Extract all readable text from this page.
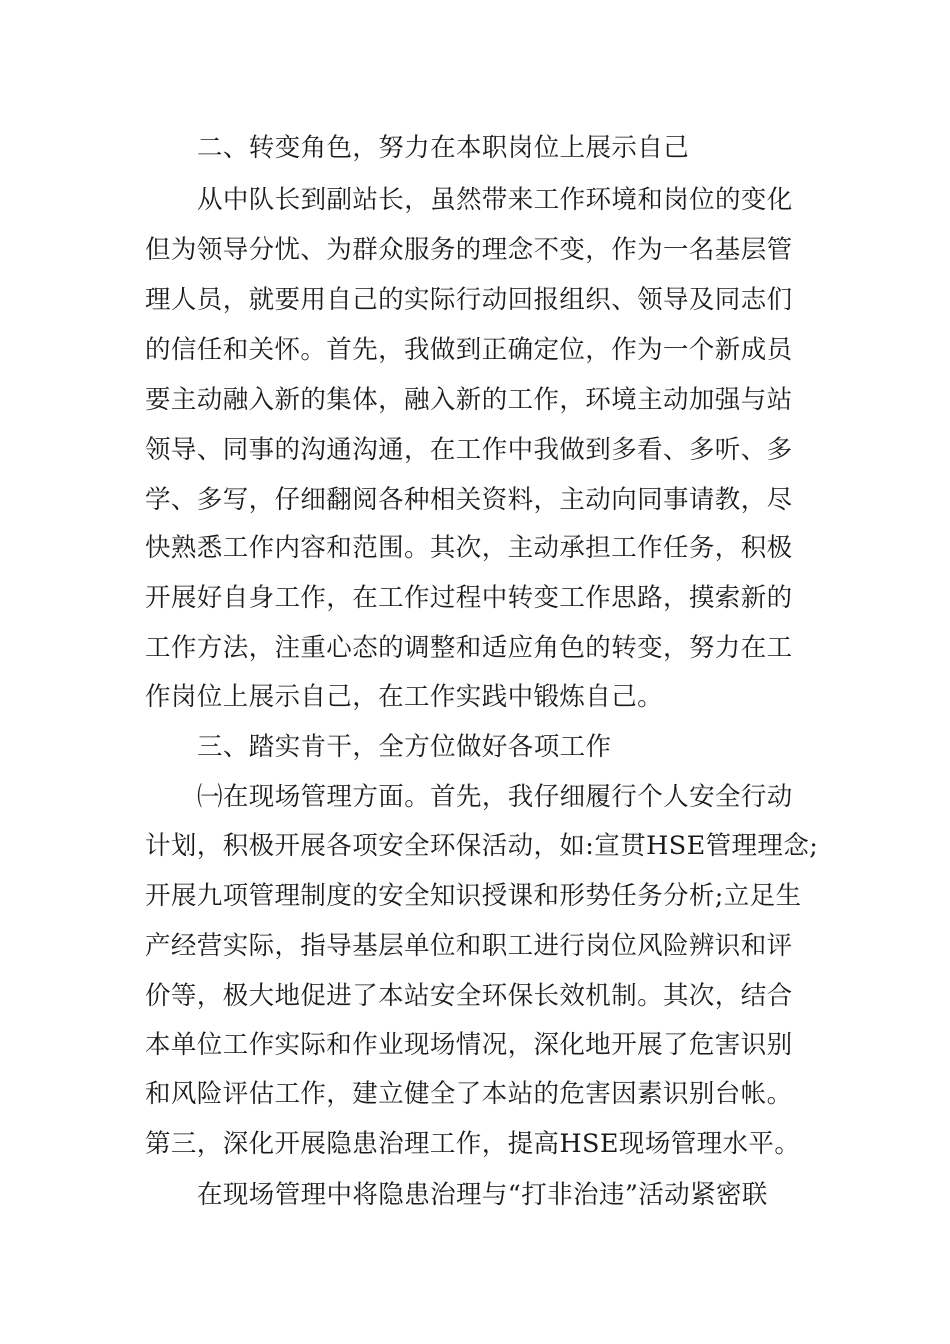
二、转变角色，努力在本职岗位上展示自己
从中队长到副站长，虽然带来工作环境和岗位的变化
但为领导分忧、为群众服务的理念不变，作为一名基层管
理人员，就要用自己的实际行动回报组织、领导及同志们
的信任和关怀。首先，我做到正确定位，作为一个新成员
要主动融入新的集体，融入新的工作，环境主动加强与站
领导、同事的沟通沟通，在工作中我做到多看、多听、多
学、多写，仔细翻阅各种相关资料，主动向同事请教，尽
快熟悉工作内容和范围。其次，主动承担工作任务，积极
开展好自身工作，在工作过程中转变工作思路，摸索新的
工作方法，注重心态的调整和适应角色的转变，努力在工
作岗位上展示自己，在工作实践中锻炼自己。
三、踏实肯干，全方位做好各项工作
㈠在现场管理方面。首先，我仔细履行个人安全行动
计划，积极开展各项安全环保活动，如:宣贯HSE管理理念;
开展九项管理制度的安全知识授课和形势任务分析;立足生
产经营实际，指导基层单位和职工进行岗位风险辨识和评
价等，极大地促进了本站安全环保长效机制。其次，结合
本单位工作实际和作业现场情况，深化地开展了危害识别
和风险评估工作，建立健全了本站的危害因素识别台帐。
第三，深化开展隐患治理工作，提高HSE现场管理水平。
在现场管理中将隐患治理与“打非治违”活动紧密联
